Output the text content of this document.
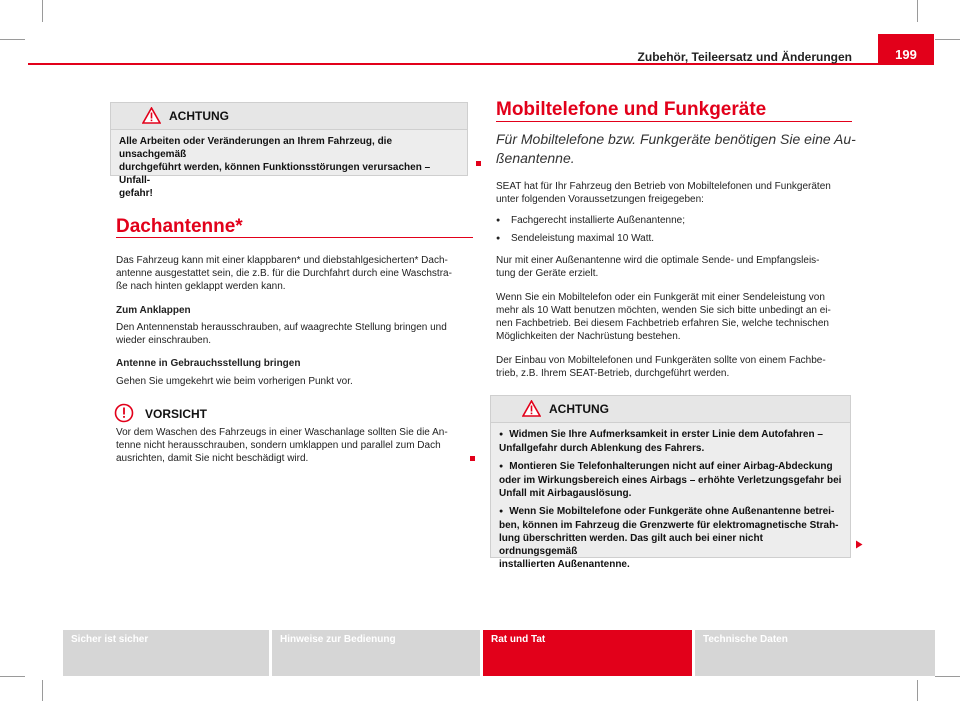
Zubehör, Teileersatz und Änderungen	199
ACHTUNG
Alle Arbeiten oder Veränderungen an Ihrem Fahrzeug, die unsachgemäß
durchgeführt werden, können Funktionsstörungen verursachen – Unfall-
gefahr!
Dachantenne*
Das Fahrzeug kann mit einer klappbaren* und diebstahlgesicherten* Dach-
antenne ausgestattet sein, die z.B. für die Durchfahrt durch eine Waschstra-
ße nach hinten geklappt werden kann.
Zum Anklappen
Den Antennenstab herausschrauben, auf waagrechte Stellung bringen und
wieder einschrauben.
Antenne in Gebrauchsstellung bringen
Gehen Sie umgekehrt wie beim vorherigen Punkt vor.
VORSICHT
Vor dem Waschen des Fahrzeugs in einer Waschanlage sollten Sie die An-
tenne nicht herausschrauben, sondern umklappen und parallel zum Dach
ausrichten, damit Sie nicht beschädigt wird.
Mobiltelefone und Funkgeräte
Für Mobiltelefone bzw. Funkgeräte benötigen Sie eine Au-
ßenantenne.
SEAT hat für Ihr Fahrzeug den Betrieb von Mobiltelefonen und Funkgeräten
unter folgenden Voraussetzungen freigegeben:
● Fachgerecht installierte Außenantenne;
● Sendeleistung maximal 10 Watt.
Nur mit einer Außenantenne wird die optimale Sende- und Empfangsleis-
tung der Geräte erzielt.
Wenn Sie ein Mobiltelefon oder ein Funkgerät mit einer Sendeleistung von
mehr als 10 Watt benutzen möchten, wenden Sie sich bitte unbedingt an ei-
nen Fachbetrieb. Bei diesem Fachbetrieb erfahren Sie, welche technischen
Möglichkeiten der Nachrüstung bestehen.
Der Einbau von Mobiltelefonen und Funkgeräten sollte von einem Fachbe-
trieb, z.B. Ihrem SEAT-Betrieb, durchgeführt werden.
ACHTUNG

● Widmen Sie Ihre Aufmerksamkeit in erster Linie dem Autofahren –
Unfallgefahr durch Ablenkung des Fahrers.

● Montieren Sie Telefonhalterungen nicht auf einer Airbag-Abdeckung
oder im Wirkungsbereich eines Airbags – erhöhte Verletzungsgefahr bei
Unfall mit Airbagauslösung.

● Wenn Sie Mobiltelefone oder Funkgeräte ohne Außenantenne betrei-
ben, können im Fahrzeug die Grenzwerte für elektromagnetische Strah-
lung überschritten werden. Das gilt auch bei einer nicht ordnungsgemäß
installierten Außenantenne.

Sicher ist sicher	Hinweise zur Bedienung	Rat und Tat	Technische Daten
